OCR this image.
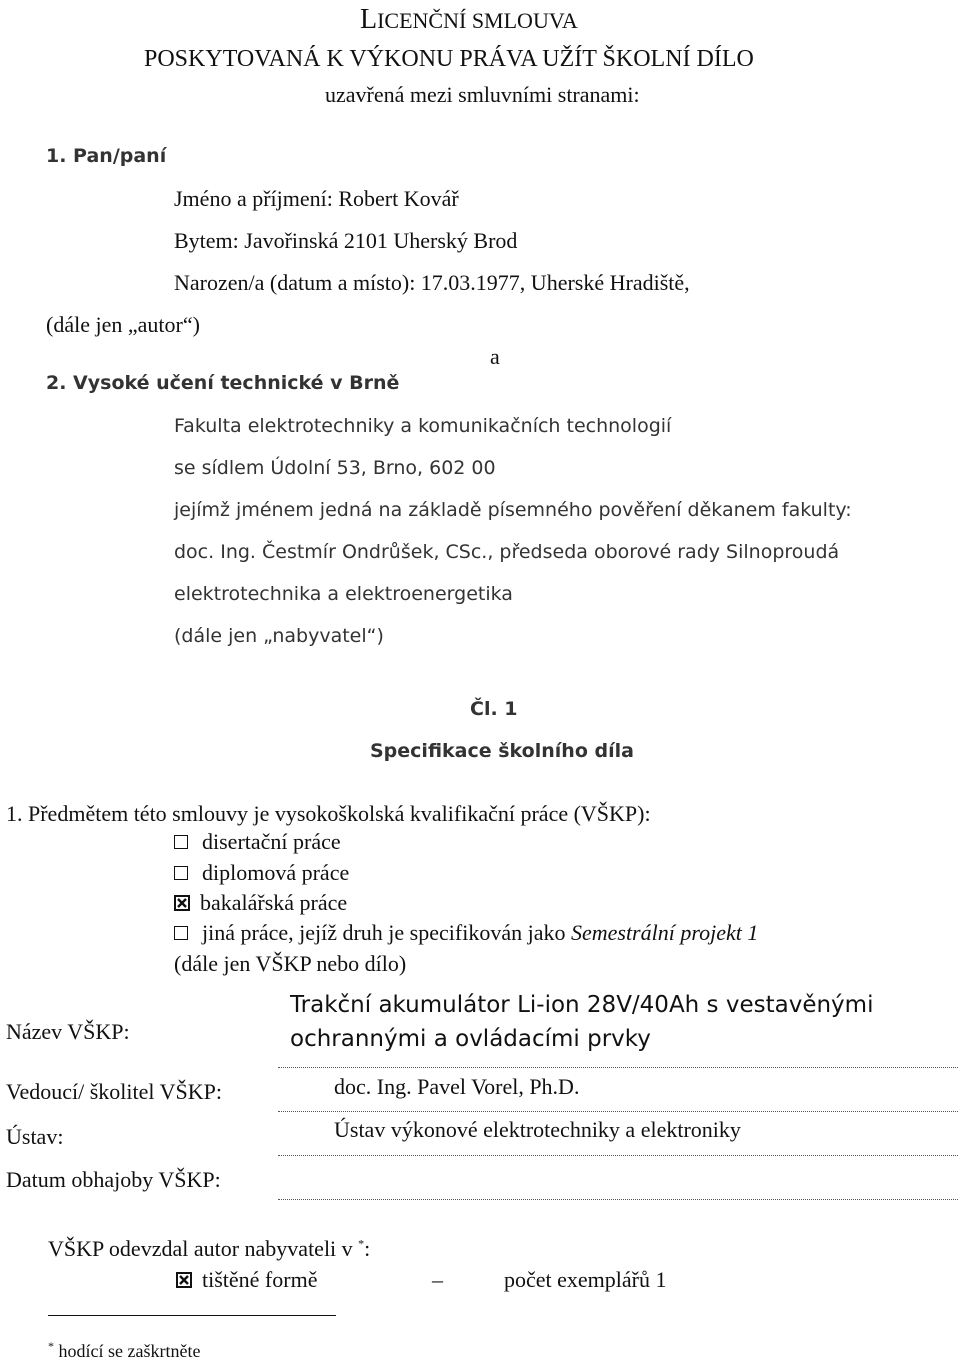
LICENČNÍ SMLOUVA
POSKYTOVANÁ K VÝKONU PRÁVA UŽÍT ŠKOLNÍ DÍLO
uzavřená mezi smluvními stranami:
1. Pan/paní
Jméno a příjmení: Robert Kovář
Bytem: Javořinská 2101 Uherský Brod
Narozen/a (datum a místo): 17.03.1977, Uherské Hradiště,
(dále jen „autor“)
a
2. Vysoké učení technické v Brně
Fakulta elektrotechniky a komunikačních technologií
se sídlem Údolní 53, Brno, 602 00
jejímž jménem jedná na základě písemného pověření děkanem fakulty:
doc. Ing. Čestmír Ondrůšek, CSc., předseda oborové rady Silnoproudá
elektrotechnika a elektroenergetika
(dále jen „nabyvatel“)
Čl. 1
Specifikace školního díla
1. Předmětem této smlouvy je vysokoškolská kvalifikační práce (VŠKP):
disertační práce
diplomová práce
bakalářská práce
jiná práce, jejíž druh je specifikován jako Semestrální projekt 1
(dále jen VŠKP nebo dílo)
Název VŠKP:
Trakční akumulátor Li-ion 28V/40Ah s vestavěnými
ochrannými a ovládacími prvky
Vedoucí/ školitel VŠKP:	doc. Ing. Pavel Vorel, Ph.D.
Ústav:	Ústav výkonové elektrotechniky a elektroniky
Datum obhajoby VŠKP:
VŠKP odevzdal autor nabyvateli v *:
tištěné formě	–	počet exemplářů 1
* hodící se zaškrtněte
